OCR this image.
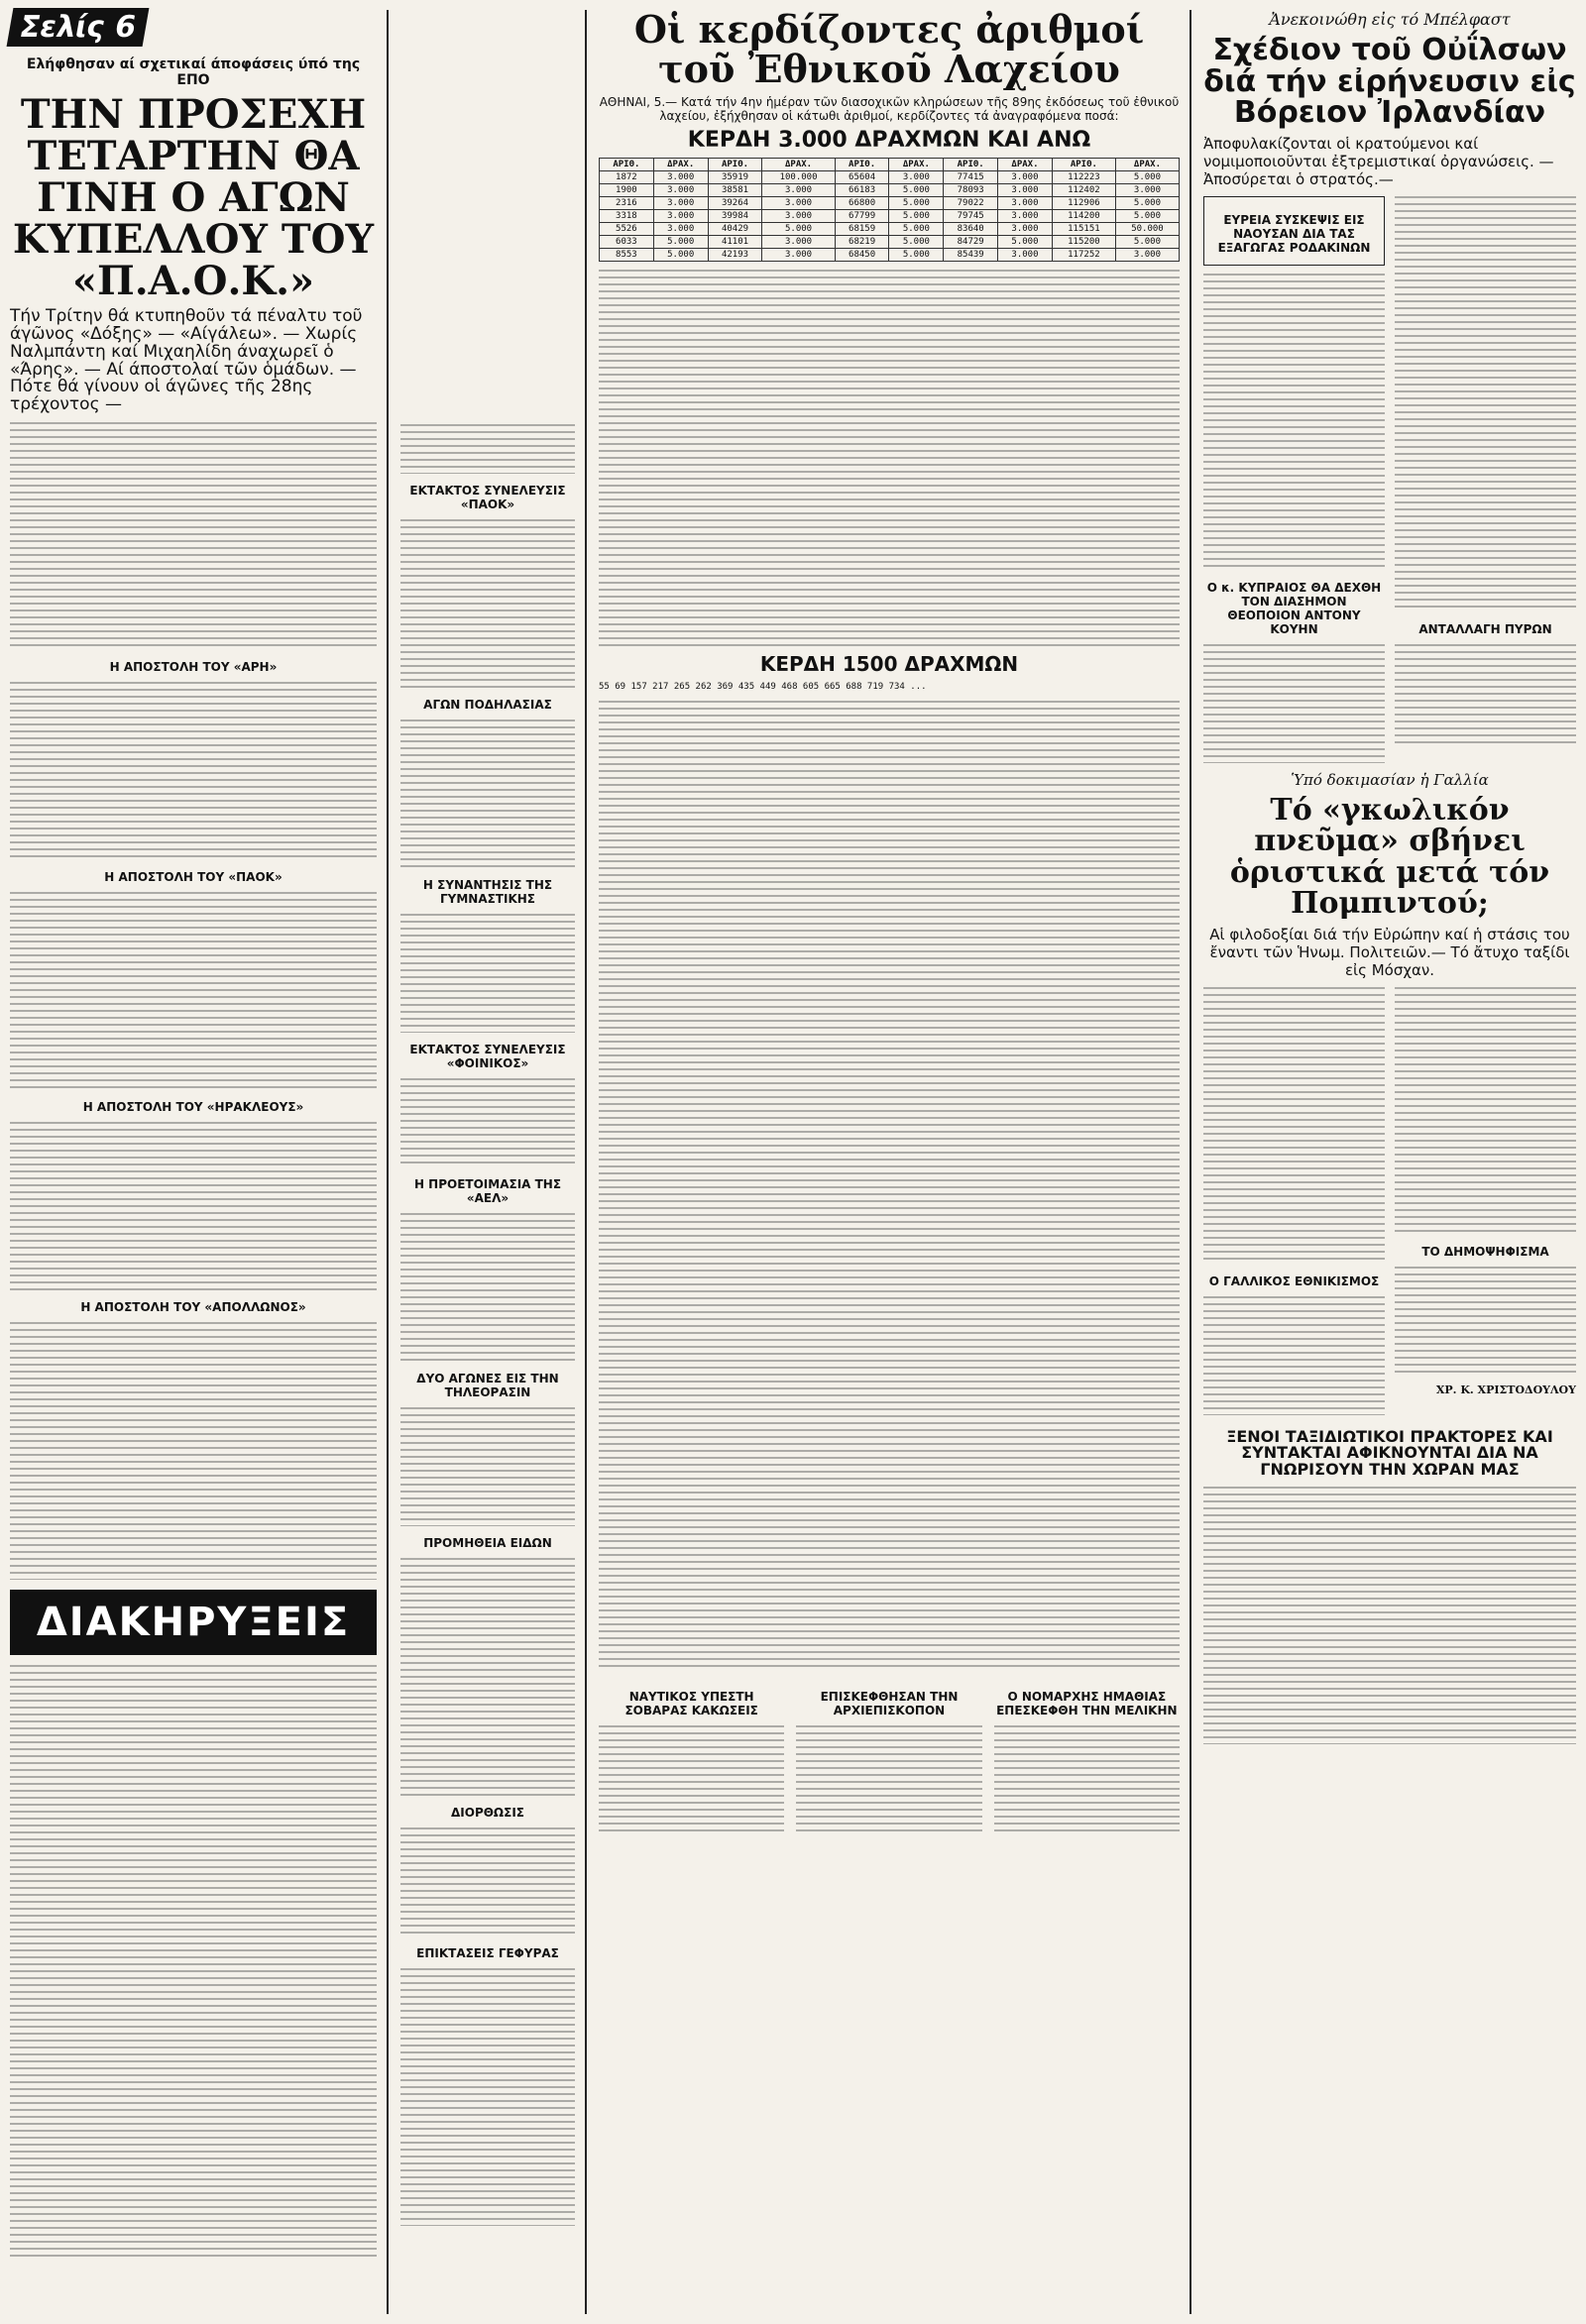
Σελίς 6
Ελήφθησαν αί σχετικαί άποφάσεις ύπό της ΕΠΟ
ΤΗΝ ΠΡΟΣΕΧΗ ΤΕΤΑΡΤΗΝ ΘΑ ΓΙΝΗ Ο ΑΓΩΝ ΚΥΠΕΛΛΟΥ ΤΟΥ «Π.Α.Ο.Κ.»
Τήν Τρίτην θά κτυπηθοῦν τά πέναλτυ τοῦ άγῶνος «Δόξης» — «Αίγάλεω». — Χωρίς Ναλμπάντη καί Μιχαηλίδη άναχωρεῖ ὁ «Άρης». — Αί άποστολαί τῶν ὁμάδων. — Πότε θά γίνουν οἱ άγῶνες τῆς 28ης τρέχοντος —
Η ΑΠΟΣΤΟΛΗ ΤΟΥ «ΑΡΗ»
Η ΑΠΟΣΤΟΛΗ ΤΟΥ «ΠΑΟΚ»
Η ΑΠΟΣΤΟΛΗ ΤΟΥ «ΗΡΑΚΛΕΟΥΣ»
Η ΑΠΟΣΤΟΛΗ ΤΟΥ «ΑΠΟΛΛΩΝΟΣ»
ΔΙΑΚΗΡΥΞΕΙΣ
ΕΚΤΑΚΤΟΣ ΣΥΝΕΛΕΥΣΙΣ «ΠΑΟΚ»
ΑΓΩΝ ΠΟΔΗΛΑΣΙΑΣ
Η ΣΥΝΑΝΤΗΣΙΣ ΤΗΣ ΓΥΜΝΑΣΤΙΚΗΣ
ΕΚΤΑΚΤΟΣ ΣΥΝΕΛΕΥΣΙΣ «ΦΟΙΝΙΚΟΣ»
Η ΠΡΟΕΤΟΙΜΑΣΙΑ ΤΗΣ «ΑΕΛ»
ΔΥΟ ΑΓΩΝΕΣ ΕΙΣ ΤΗΝ ΤΗΛΕΟΡΑΣΙΝ
ΠΡΟΜΗΘΕΙΑ ΕΙΔΩΝ
ΔΙΟΡΘΩΣΙΣ
ΕΠΙΚΤΑΣΕΙΣ ΓΕΦΥΡΑΣ
Οἱ κερδίζοντες ἀριθμοί τοῦ Ἐθνικοῦ Λαχείου
ΑΘΗΝΑΙ, 5.— Κατά τήν 4ην ἡμέραν τῶν διασοχικῶν κληρώσεων τῆς 89ης ἐκδόσεως τοῦ ἐθνικοῦ λαχείου, ἐξήχθησαν οἱ κάτωθι ἀριθμοί, κερδίζοντες τά ἀναγραφόμενα ποσά:
ΚΕΡΔΗ 3.000 ΔΡΑΧΜΩΝ ΚΑΙ ΑΝΩ
ΑΡΙΘ.	ΔΡΑΧ.	ΑΡΙΘ.	ΔΡΑΧ.	ΑΡΙΘ.	ΔΡΑΧ.	ΑΡΙΘ.	ΔΡΑΧ.	ΑΡΙΘ.	ΔΡΑΧ.
1872	3.000	35919	100.000	65604	3.000	77415	3.000	112223	5.000
1900	3.000	38581	3.000	66183	5.000	78093	3.000	112402	3.000
2316	3.000	39264	3.000	66800	5.000	79022	3.000	112906	5.000
3318	3.000	39984	3.000	67799	5.000	79745	3.000	114200	5.000
5526	3.000	40429	5.000	68159	5.000	83640	3.000	115151	50.000
6033	5.000	41101	3.000	68219	5.000	84729	5.000	115200	5.000
8553	5.000	42193	3.000	68450	5.000	85439	3.000	117252	3.000
ΚΕΡΔΗ 1500 ΔΡΑΧΜΩΝ
55 69 157 217 265 262 369 435 449 468 605 665 688 719 734 ...
ΝΑΥΤΙΚΟΣ ΥΠΕΣΤΗ ΣΟΒΑΡΑΣ ΚΑΚΩΣΕΙΣ
ΕΠΙΣΚΕΦΘΗΣΑΝ ΤΗΝ ΑΡΧΙΕΠΙΣΚΟΠΟΝ
Ο ΝΟΜΑΡΧΗΣ ΗΜΑΘΙΑΣ ΕΠΕΣΚΕΦΘΗ ΤΗΝ ΜΕΛΙΚΗΝ
Ἀνεκοινώθη εἰς τό Μπέλφαστ
Σχέδιον τοῦ Οὐΐλσων διά τήν εἰρήνευσιν εἰς Βόρειον Ἰρλανδίαν
Ἀποφυλακίζονται οἱ κρατούμενοι καί νομιμοποιοῦνται ἐξτρεμιστικαί ὀργανώσεις. — Ἀποσύρεται ὁ στρατός.—
ΕΥΡΕΙΑ ΣΥΣΚΕΨΙΣ ΕΙΣ ΝΑΟΥΣΑΝ ΔΙΑ ΤΑΣ ΕΞΑΓΩΓΑΣ ΡΟΔΑΚΙΝΩΝ
Ο κ. ΚΥΠΡΑΙΟΣ ΘΑ ΔΕΧΘΗ ΤΟΝ ΔΙΑΣΗΜΟΝ ΘΕΟΠΟΙΟΝ ΑΝΤΟΝΥ ΚΟΥΗΝ	ΑΝΤΑΛΛΑΓΗ ΠΥΡΩΝ
Ὑπό δοκιμασίαν ἡ Γαλλία
Τό «γκωλικόν πνεῦμα» σβήνει ὁριστικά μετά τόν Πομπιντού;
Αἱ φιλοδοξίαι διά τήν Εὐρώπην καί ἡ στάσις του ἔναντι τῶν Ἡνωμ. Πολιτειῶν.— Τό ἄτυχο ταξίδι εἰς Μόσχαν.
Ο ΓΑΛΛΙΚΟΣ ΕΘΝΙΚΙΣΜΟΣ
ΤΟ ΔΗΜΟΨΗΦΙΣΜΑ
ΧΡ. Κ. ΧΡΙΣΤΟΔΟΥΛΟΥ
ΞΕΝΟΙ ΤΑΞΙΔΙΩΤΙΚΟΙ ΠΡΑΚΤΟΡΕΣ ΚΑΙ ΣΥΝΤΑΚΤΑΙ ΑΦΙΚΝΟΥΝΤΑΙ ΔΙΑ ΝΑ ΓΝΩΡΙΣΟΥΝ ΤΗΝ ΧΩΡΑΝ ΜΑΣ
